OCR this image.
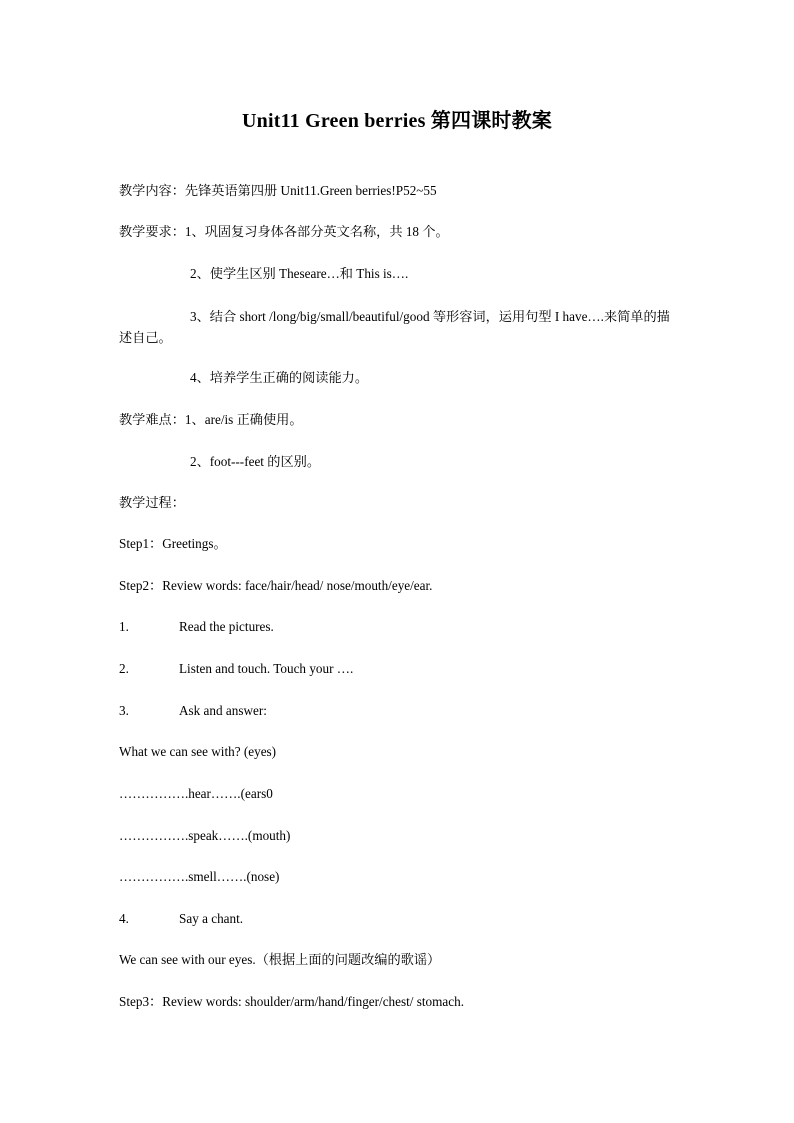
Unit11 Green berries 第四课时教案
教学内容：先锋英语第四册 Unit11.Green berries!P52~55
教学要求：1、巩固复习身体各部分英文名称，共 18 个。
2、使学生区别 Theseare…和 This is….
3、结合 short /long/big/small/beautiful/good 等形容词，运用句型 I have….来简单的描述自己。
4、培养学生正确的阅读能力。
教学难点：1、are/is 正确使用。
2、foot---feet 的区别。
教学过程：
Step1：Greetings。
Step2：Review words: face/hair/head/ nose/mouth/eye/ear.
1.	Read the pictures.
2.	Listen and touch. Touch your ….
3.	Ask and answer:
What we can see with? (eyes)
…………….hear…….(ears0
…………….speak…….(mouth)
…………….smell…….(nose)
4.	Say a chant.
We can see with our eyes.（根据上面的问题改编的歌谣）
Step3：Review words: shoulder/arm/hand/finger/chest/ stomach.
